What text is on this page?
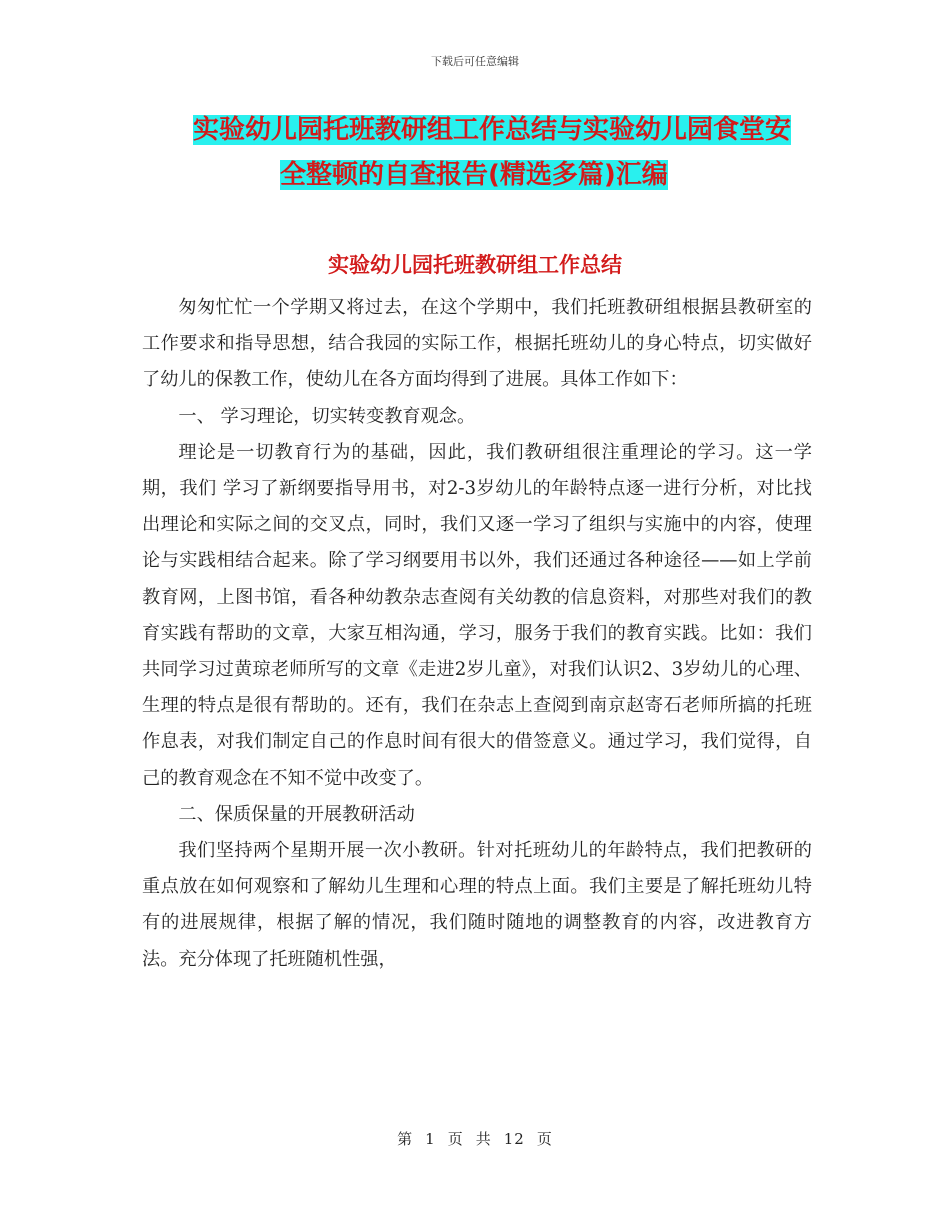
下载后可任意编辑
实验幼儿园托班教研组工作总结与实验幼儿园食堂安
全整顿的自查报告(精选多篇)汇编
实验幼儿园托班教研组工作总结

匆匆忙忙一个学期又将过去，在这个学期中，我们托班教研组根据县教研室的工作要求和指导思想，结合我园的实际工作，根据托班幼儿的身心特点，切实做好了幼儿的保教工作，使幼儿在各方面均得到了进展。具体工作如下：

一、 学习理论，切实转变教育观念。

理论是一切教育行为的基础，因此，我们教研组很注重理论的学习。这一学期，我们 学习了新纲要指导用书，对2-3岁幼儿的年龄特点逐一进行分析，对比找出理论和实际之间的交叉点，同时，我们又逐一学习了组织与实施中的内容，使理论与实践相结合起来。除了学习纲要用书以外，我们还通过各种途径——如上学前教育网，上图书馆，看各种幼教杂志查阅有关幼教的信息资料，对那些对我们的教育实践有帮助的文章，大家互相沟通，学习，服务于我们的教育实践。比如：我们共同学习过黄琼老师所写的文章《走进2岁儿童》，对我们认识2、3岁幼儿的心理、生理的特点是很有帮助的。还有，我们在杂志上查阅到南京赵寄石老师所搞的托班作息表，对我们制定自己的作息时间有很大的借签意义。通过学习，我们觉得，自己的教育观念在不知不觉中改变了。

二、保质保量的开展教研活动

我们坚持两个星期开展一次小教研。针对托班幼儿的年龄特点，我们把教研的重点放在如何观察和了解幼儿生理和心理的特点上面。我们主要是了解托班幼儿特有的进展规律，根据了解的情况，我们随时随地的调整教育的内容，改进教育方法。充分体现了托班随机性强，

第 1 页 共 12 页
